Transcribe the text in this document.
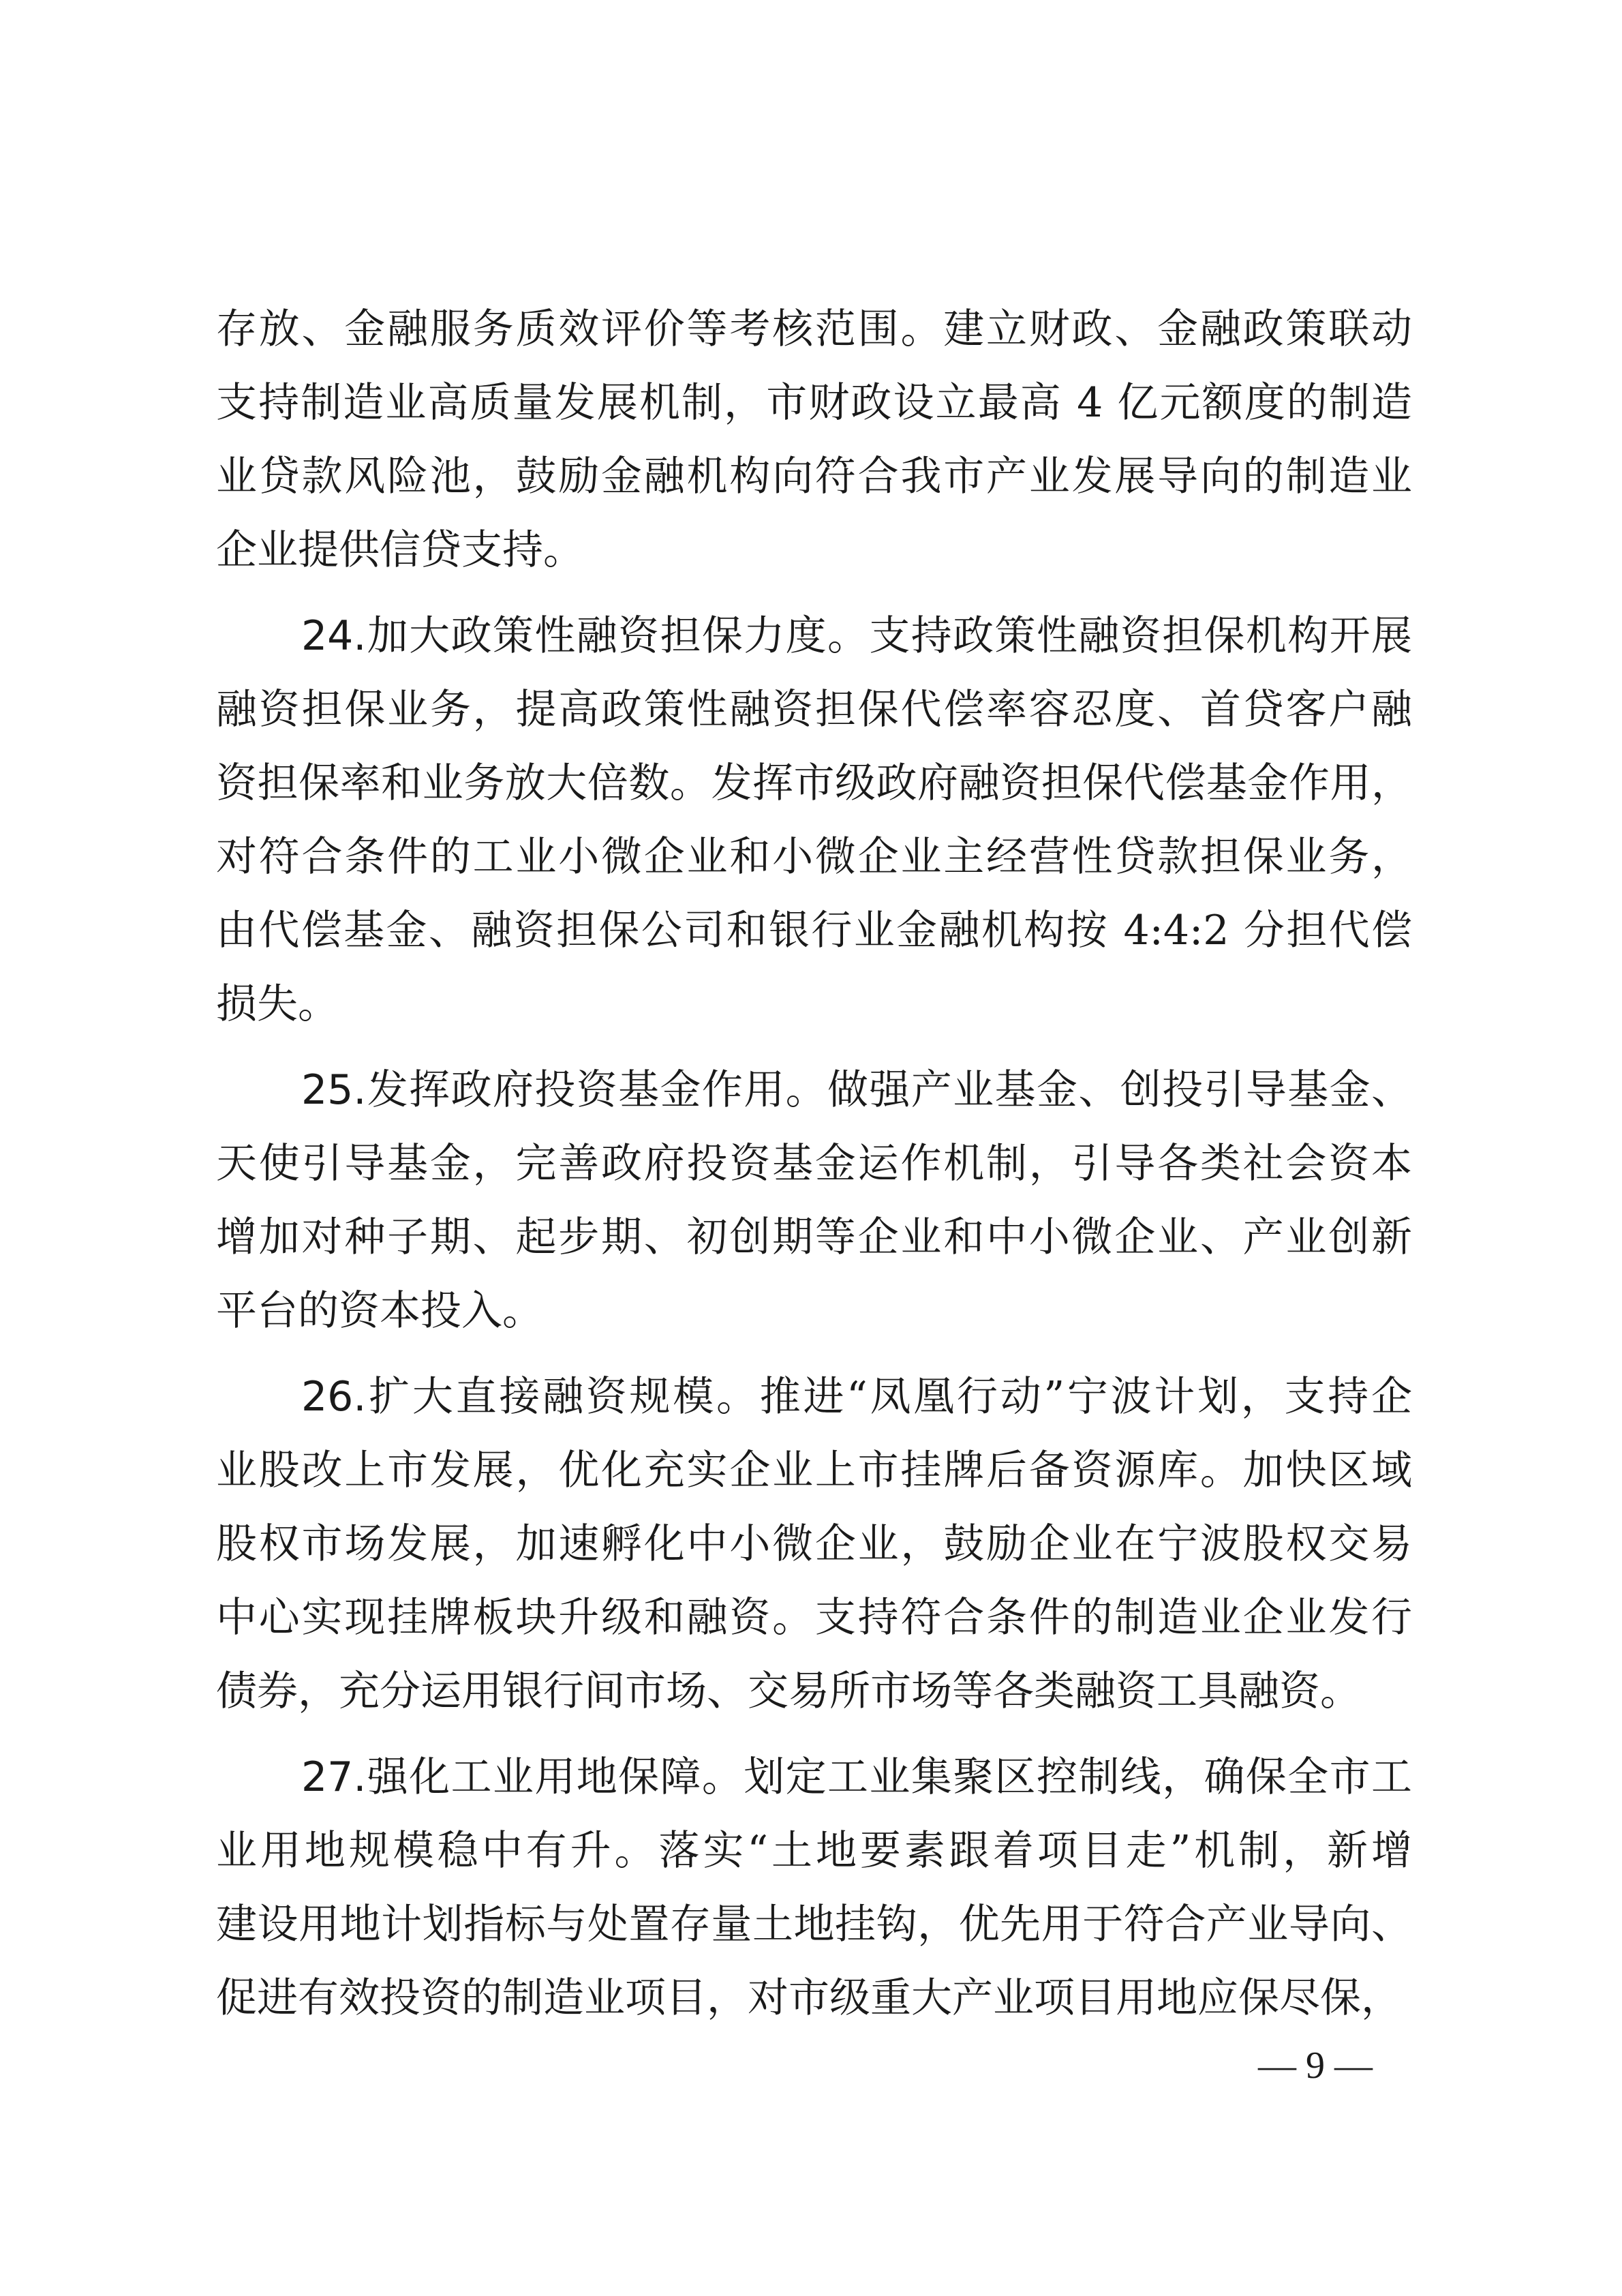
存放、金融服务质效评价等考核范围。建立财政、金融政策联动
支持制造业高质量发展机制，市财政设立最高 4 亿元额度的制造
业贷款风险池，鼓励金融机构向符合我市产业发展导向的制造业
企业提供信贷支持。
24.加大政策性融资担保力度。支持政策性融资担保机构开展
融资担保业务，提高政策性融资担保代偿率容忍度、首贷客户融
资担保率和业务放大倍数。发挥市级政府融资担保代偿基金作用，
对符合条件的工业小微企业和小微企业主经营性贷款担保业务，
由代偿基金、融资担保公司和银行业金融机构按 4:4:2 分担代偿
损失。
25.发挥政府投资基金作用。做强产业基金、创投引导基金、
天使引导基金，完善政府投资基金运作机制，引导各类社会资本
增加对种子期、起步期、初创期等企业和中小微企业、产业创新
平台的资本投入。
26.扩大直接融资规模。推进“凤凰行动”宁波计划，支持企
业股改上市发展，优化充实企业上市挂牌后备资源库。加快区域
股权市场发展，加速孵化中小微企业，鼓励企业在宁波股权交易
中心实现挂牌板块升级和融资。支持符合条件的制造业企业发行
债券，充分运用银行间市场、交易所市场等各类融资工具融资。
27.强化工业用地保障。划定工业集聚区控制线，确保全市工
业用地规模稳中有升。落实“土地要素跟着项目走”机制，新增
建设用地计划指标与处置存量土地挂钩，优先用于符合产业导向、
促进有效投资的制造业项目，对市级重大产业项目用地应保尽保，
— 9 —
